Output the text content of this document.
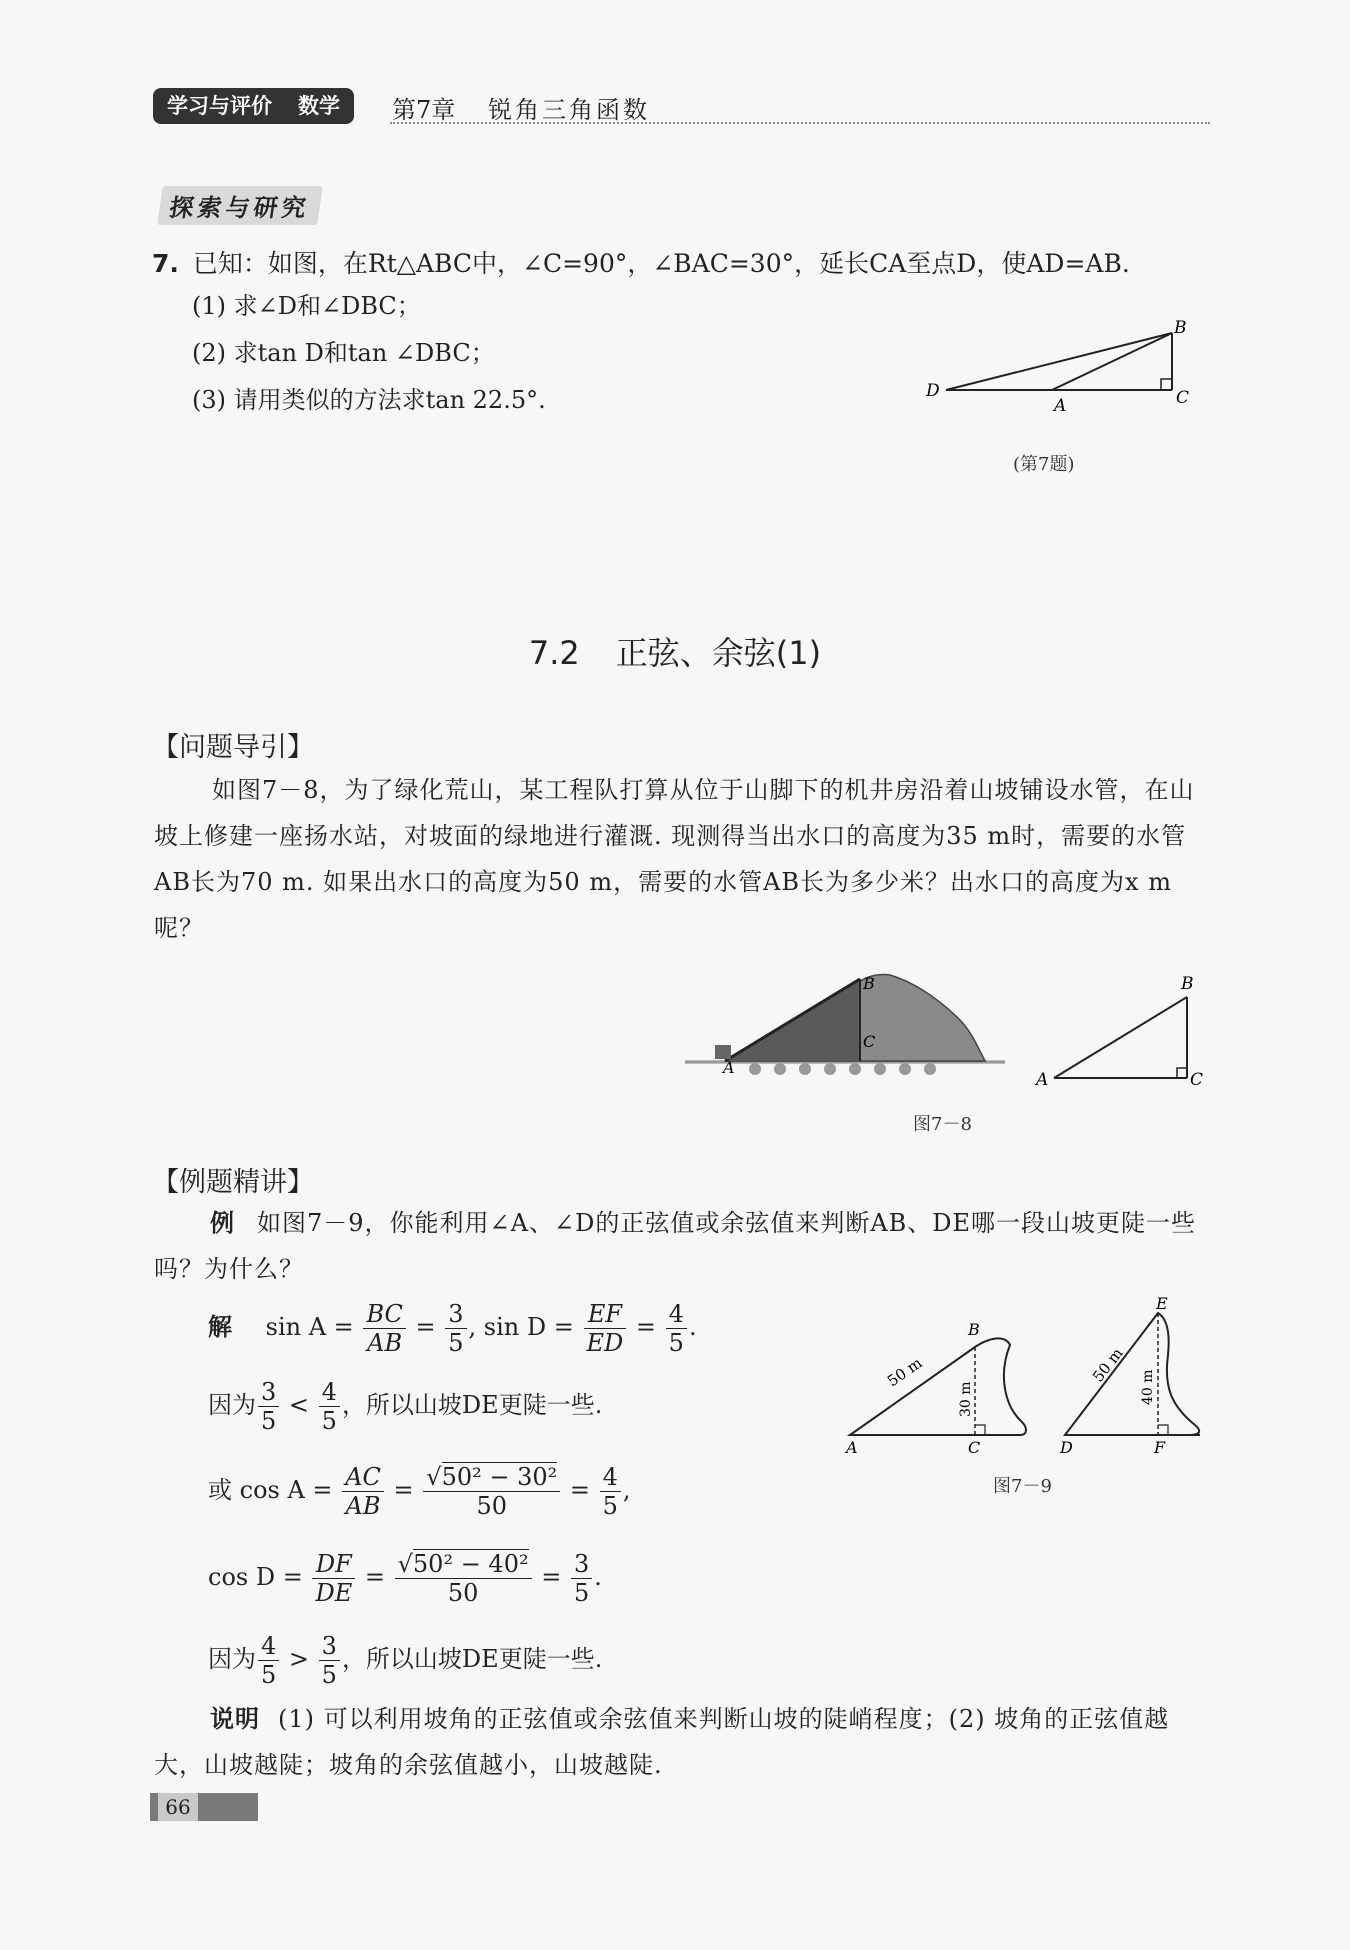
学习与评价 数学	第7章 锐角三角函数
探索与研究
7. 已知：如图，在Rt△ABC中，∠C=90°，∠BAC=30°，延长CA至点D，使AD=AB.
(1) 求∠D和∠DBC；
(2) 求tan D和tan ∠DBC；
(3) 请用类似的方法求tan 22.5°.
B
D
A	C
(第7题)
7.2 正弦、余弦(1)
【问题导引】
如图7－8，为了绿化荒山，某工程队打算从位于山脚下的机井房沿着山坡铺设水管，在山坡上修建一座扬水站，对坡面的绿地进行灌溉. 现测得当出水口的高度为35 m时，需要的水管AB长为70 m. 如果出水口的高度为50 m，需要的水管AB长为多少米？出水口的高度为x m呢？
B
C
A
B
A	C
图7－8
【例题精讲】
例 如图7－9，你能利用∠A、∠D的正弦值或余弦值来判断AB、DE哪一段山坡更陡一些吗？为什么？
解 $\sin A = \frac{BC}{AB} = \frac{3}{5}$ , $\sin D = \frac{EF}{ED} = \frac{4}{5}$ .
因为 $\frac{3}{5} < \frac{4}{5}$ ，所以山坡DE更陡一些.
或 $\cos A = \frac{AC}{AB} = \frac{\text{√50² − 30²}}{50} = \frac{4}{5}$ ,
$\cos D = \frac{DF}{DE} = \frac{\text{√50² − 40²}}{50} = \frac{3}{5}$ .
因为 $\frac{4}{5} > \frac{3}{5}$ ，所以山坡DE更陡一些.
50 m
30 m
B
A	C
50 m
40 m
E
D	F
图7－9
说明 (1) 可以利用坡角的正弦值或余弦值来判断山坡的陡峭程度；(2) 坡角的正弦值越大，山坡越陡；坡角的余弦值越小，山坡越陡.
66
